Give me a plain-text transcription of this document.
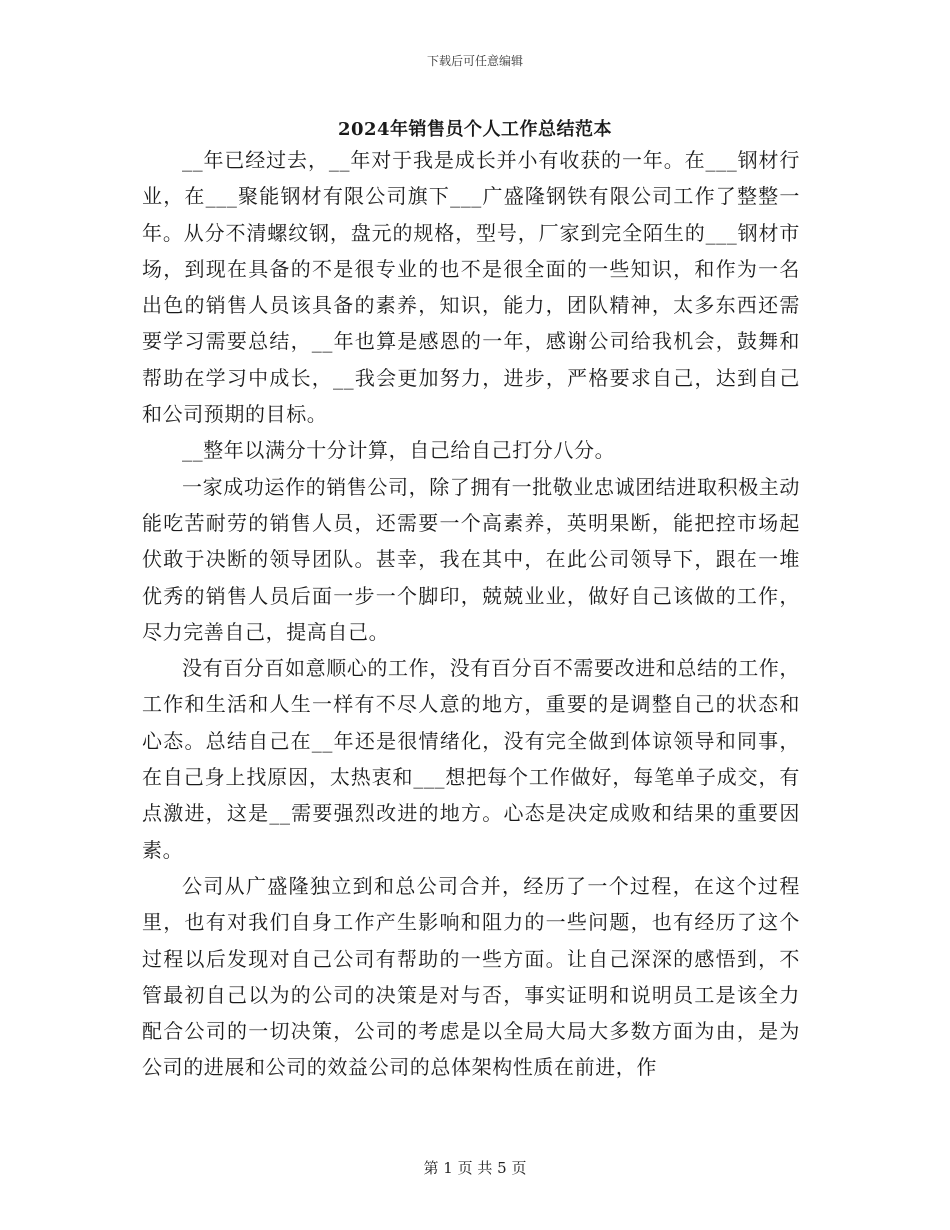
下载后可任意编辑
2024年销售员个人工作总结范本

__年已经过去，__年对于我是成长并小有收获的一年。在___钢材行业，在___聚能钢材有限公司旗下___广盛隆钢铁有限公司工作了整整一年。从分不清螺纹钢，盘元的规格，型号，厂家到完全陌生的___钢材市场，到现在具备的不是很专业的也不是很全面的一些知识，和作为一名出色的销售人员该具备的素养，知识，能力，团队精神，太多东西还需要学习需要总结，__年也算是感恩的一年，感谢公司给我机会，鼓舞和帮助在学习中成长，__我会更加努力，进步，严格要求自己，达到自己和公司预期的目标。

__整年以满分十分计算，自己给自己打分八分。

一家成功运作的销售公司，除了拥有一批敬业忠诚团结进取积极主动能吃苦耐劳的销售人员，还需要一个高素养，英明果断，能把控市场起伏敢于决断的领导团队。甚幸，我在其中，在此公司领导下，跟在一堆优秀的销售人员后面一步一个脚印，兢兢业业，做好自己该做的工作，尽力完善自己，提高自己。

没有百分百如意顺心的工作，没有百分百不需要改进和总结的工作，工作和生活和人生一样有不尽人意的地方，重要的是调整自己的状态和心态。总结自己在__年还是很情绪化，没有完全做到体谅领导和同事，在自己身上找原因，太热衷和___想把每个工作做好，每笔单子成交，有点激进，这是__需要强烈改进的地方。心态是决定成败和结果的重要因素。

公司从广盛隆独立到和总公司合并，经历了一个过程，在这个过程里，也有对我们自身工作产生影响和阻力的一些问题，也有经历了这个过程以后发现对自己公司有帮助的一些方面。让自己深深的感悟到，不管最初自己以为的公司的决策是对与否，事实证明和说明员工是该全力配合公司的一切决策，公司的考虑是以全局大局大多数方面为由，是为公司的进展和公司的效益公司的总体架构性质在前进，作

第 1 页 共 5 页
